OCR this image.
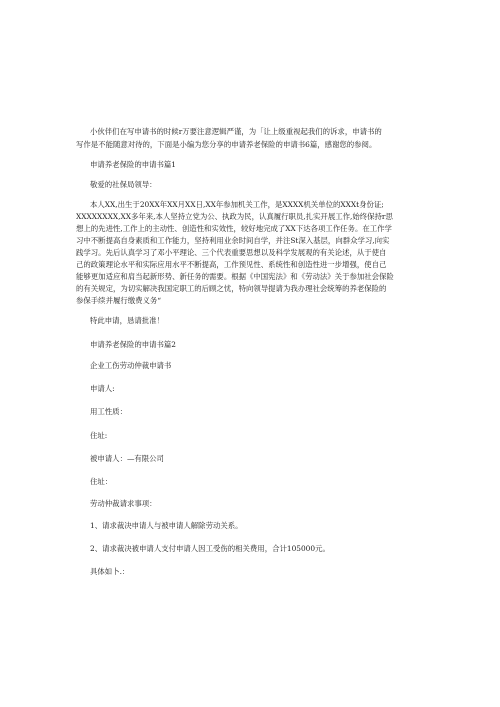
小伙伴们在写申请书的时候r万要注意逻辑严谨，为「让上级重视起我们的诉求，申请书的
写作是不能随意对待的，下面是小编为您分享的申请养老保险的申请书6篇，感谢您的参阅。
申请养老保险的申请书篇1
敬爱的社保局领导：
本人XX,出生于20XX年XX月XX日,XX年参加机关工作，是XXXX机关单位的XXXt身份证;
XXXXXXXX,XX多年来,本人坚持立党为公、执政为民，认真履行职员,扎实开展工作,始终保持r思
想上的先进性,工作上的主动性、创造性和实效性，较好地完成了XX下达各项工作任务。在工作学
习中不断提高自身素质和工作能力，坚持利用业余时间自学，并注St深入基层，向群众学习,向实
践学习。先后认真学习了邓小平理论、三个代表重要思想以及科学发展观的有关论述，从于使自
己的政策理论水平和实际应用水平不断提高，工作预见性、系统性和创造性进一步增强，使自己
能够更加适应和肩当起新形势、新任务的需要。根据《中国宪法》和《劳动法》关于参加社会保险
的有关规定，为切实解决我国定职工的后顾之忧，特向领导提请为我办理社会统筹的养老保险的
参保手续并履行缴费义务“
特此申请，恳请批准！
申请养老保险的申请书篇2
企业工伤劳动仲裁申请书
申请人:
用工性质：
住址:
被申请人：—有限公司
住址：
劳动仲裁请求事项：
1、请求裁决申请人与被申请人解除劳动关系。
2、请求裁决被申请人支付申请人因工受伤的相关费用，合计105000元。
具体如卜.：
